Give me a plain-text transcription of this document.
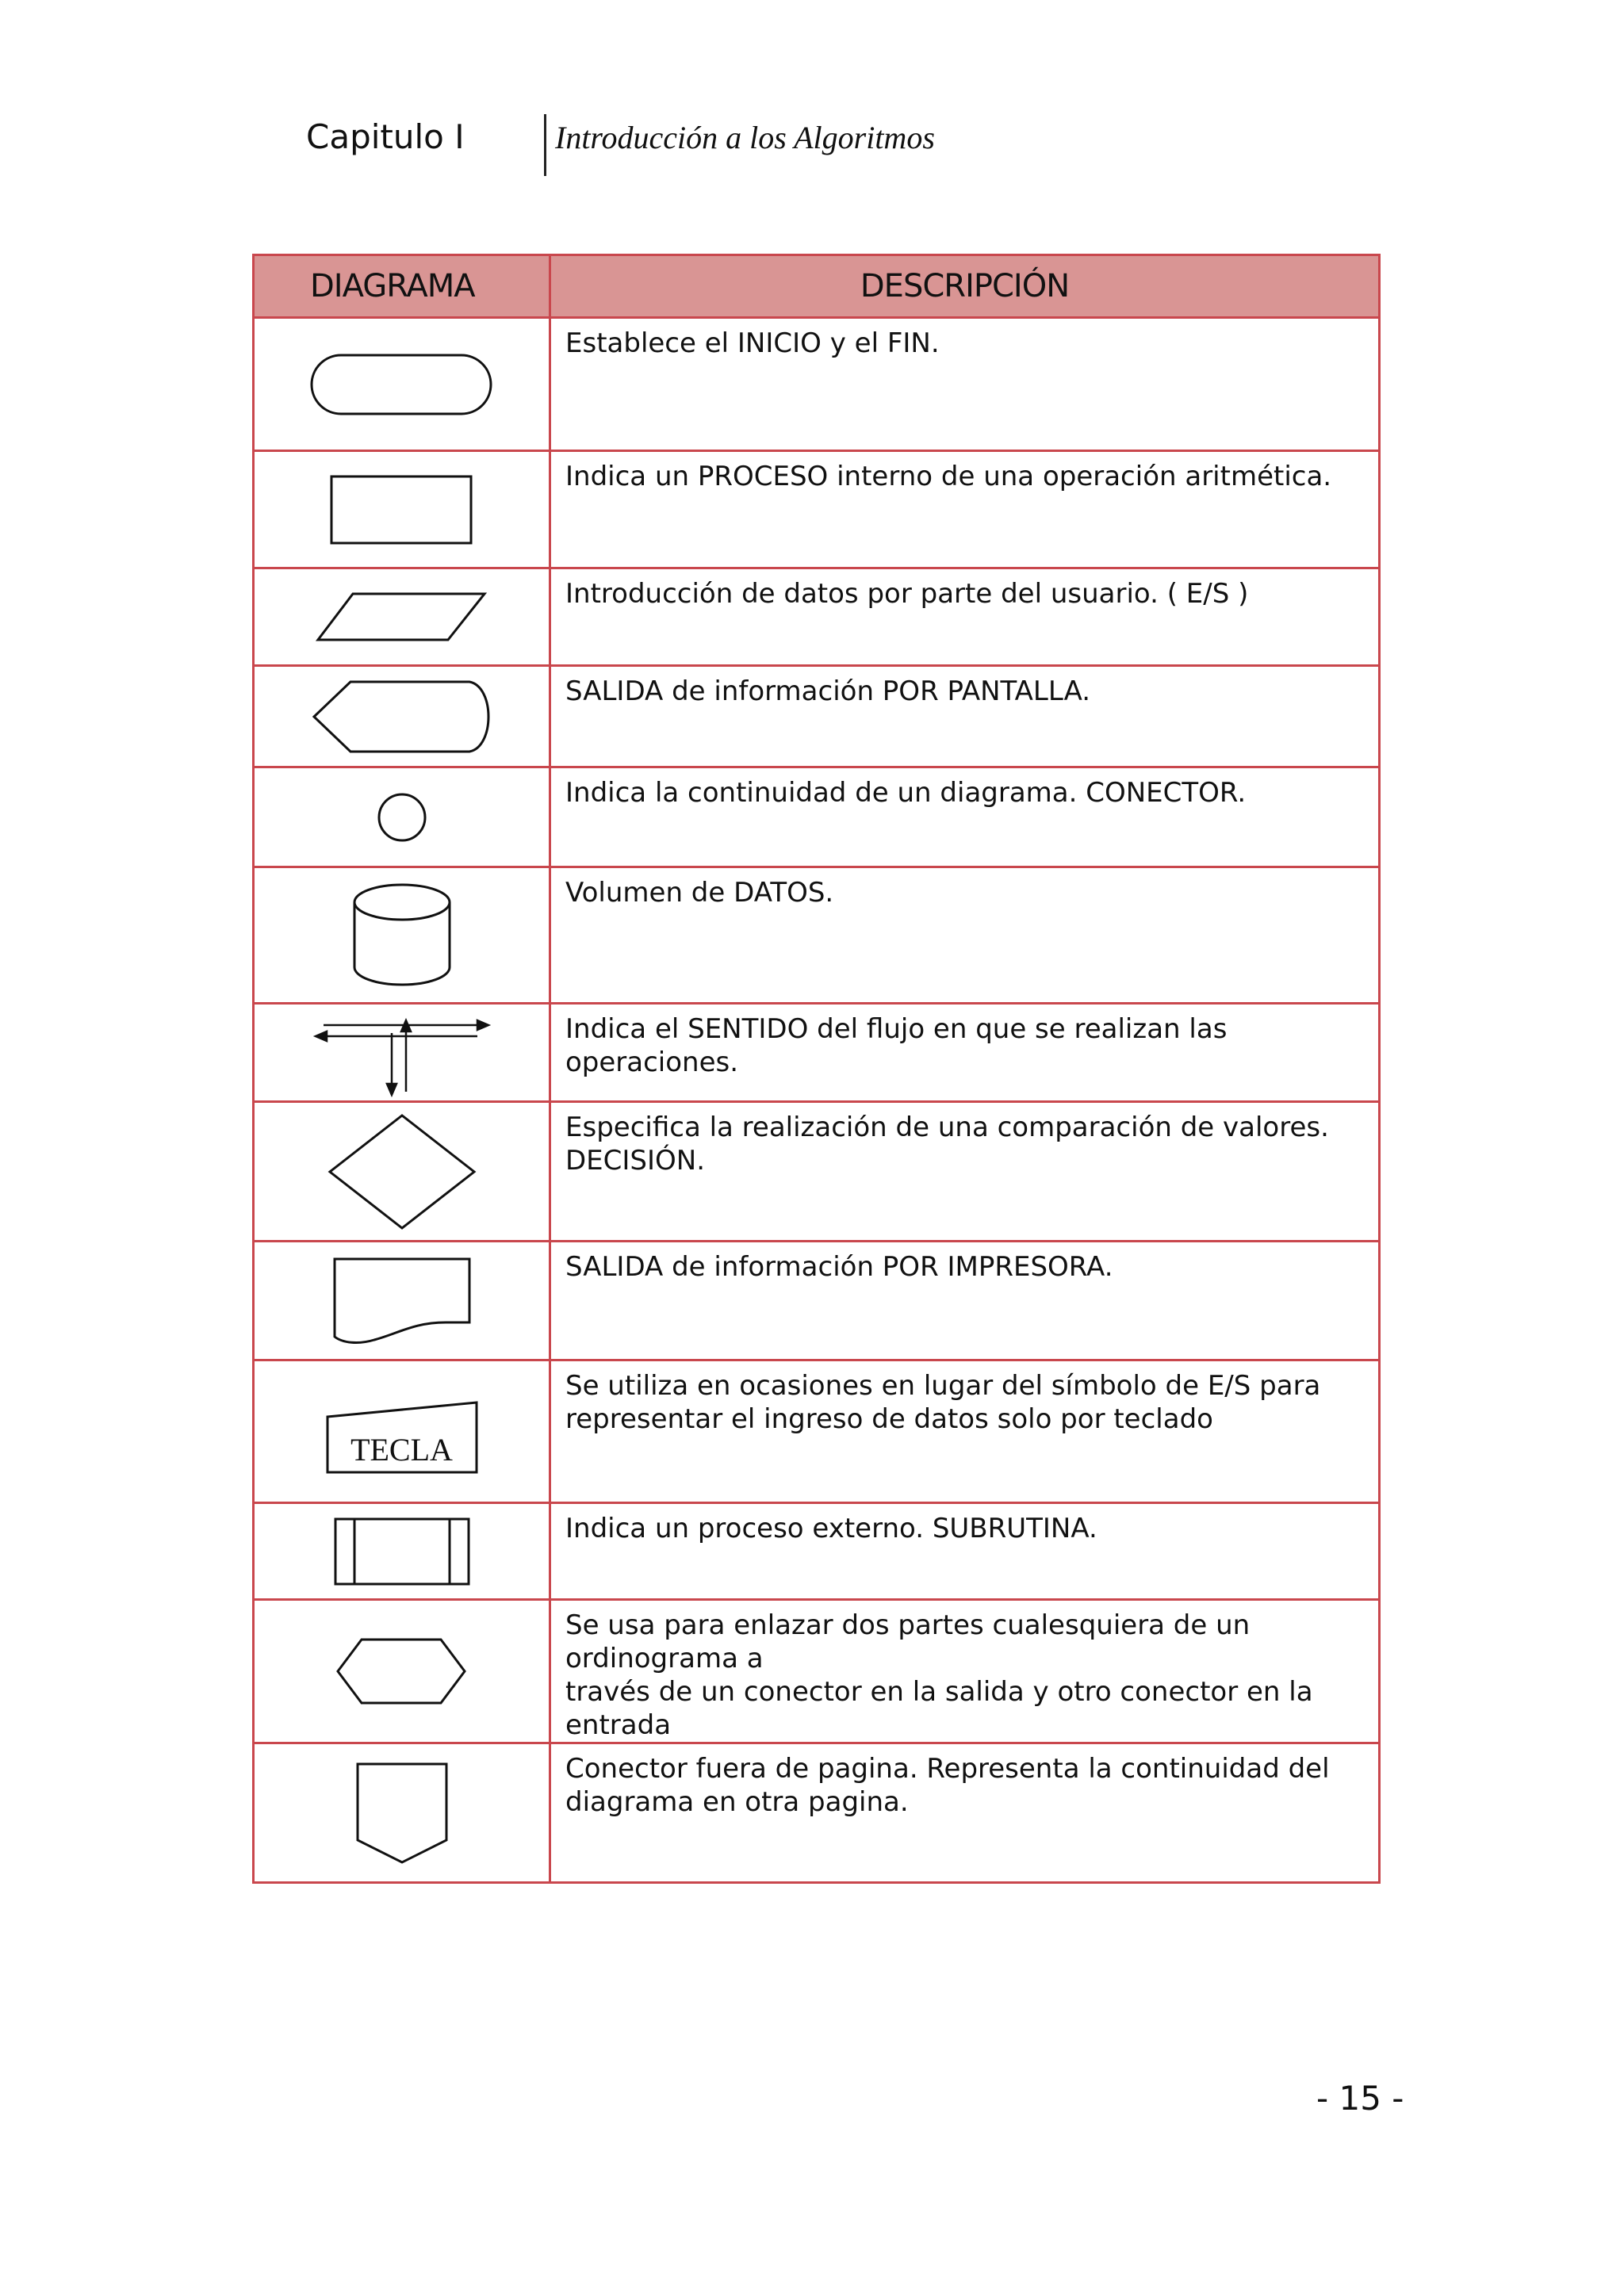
Capitulo I	Introducción a los Algoritmos
DIAGRAMA	DESCRIPCIÓN

Establece el INICIO y el FIN.

Indica un PROCESO interno de una operación aritmética.

Introducción de datos por parte del usuario. ( E/S )

SALIDA de información POR PANTALLA.

Indica la continuidad de un diagrama. CONECTOR.

Volumen de DATOS.

Indica el SENTIDO del flujo en que se realizan las operaciones.

Especifica la realización de una comparación de valores.
DECISIÓN.

SALIDA de información POR IMPRESORA.

TECLA	Se utiliza en ocasiones en lugar del símbolo de E/S para representar el ingreso de datos solo por teclado

Indica un proceso externo. SUBRUTINA.

Se usa para enlazar dos partes cualesquiera de un ordinograma a
través de un conector en la salida y otro conector en la entrada

Conector fuera de pagina. Representa la continuidad del diagrama en otra pagina.
- 15 -
